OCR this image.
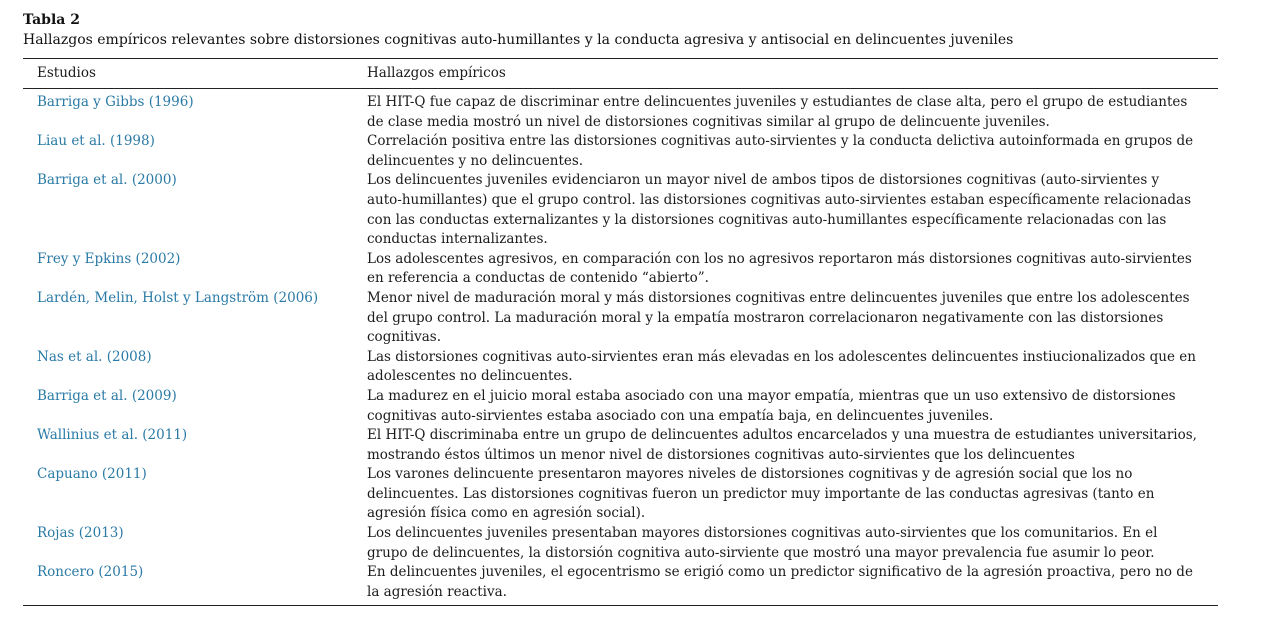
Tabla 2

Hallazgos empíricos relevantes sobre distorsiones cognitivas auto-humillantes y la conducta agresiva y antisocial en delincuentes juveniles

Estudios	Hallazgos empíricos
Barriga y Gibbs (1996)	El HIT-Q fue capaz de discriminar entre delincuentes juveniles y estudiantes de clase alta, pero el grupo de estudiantes de clase media mostró un nivel de distorsiones cognitivas similar al grupo de delincuente juveniles.
Liau et al. (1998)	Correlación positiva entre las distorsiones cognitivas auto-sirvientes y la conducta delictiva autoinformada en grupos de delincuentes y no delincuentes.
Barriga et al. (2000)	Los delincuentes juveniles evidenciaron un mayor nivel de ambos tipos de distorsiones cognitivas (auto-sirvientes y auto-humillantes) que el grupo control. las distorsiones cognitivas auto-sirvientes estaban específicamente relacionadas con las conductas externalizantes y la distorsiones cognitivas auto-humillantes específicamente relacionadas con las conductas internalizantes.
Frey y Epkins (2002)	Los adolescentes agresivos, en comparación con los no agresivos reportaron más distorsiones cognitivas auto-sirvientes en referencia a conductas de contenido “abierto”.
Lardén, Melin, Holst y Langström (2006)	Menor nivel de maduración moral y más distorsiones cognitivas entre delincuentes juveniles que entre los adolescentes del grupo control. La maduración moral y la empatía mostraron correlacionaron negativamente con las distorsiones cognitivas.
Nas et al. (2008)	Las distorsiones cognitivas auto-sirvientes eran más elevadas en los adolescentes delincuentes instiucionalizados que en adolescentes no delincuentes.
Barriga et al. (2009)	La madurez en el juicio moral estaba asociado con una mayor empatía, mientras que un uso extensivo de distorsiones cognitivas auto-sirvientes estaba asociado con una empatía baja, en delincuentes juveniles.
Wallinius et al. (2011)	El HIT-Q discriminaba entre un grupo de delincuentes adultos encarcelados y una muestra de estudiantes universitarios, mostrando éstos últimos un menor nivel de distorsiones cognitivas auto-sirvientes que los delincuentes
Capuano (2011)	Los varones delincuente presentaron mayores niveles de distorsiones cognitivas y de agresión social que los no delincuentes. Las distorsiones cognitivas fueron un predictor muy importante de las conductas agresivas (tanto en agresión física como en agresión social).
Rojas (2013)	Los delincuentes juveniles presentaban mayores distorsiones cognitivas auto-sirvientes que los comunitarios. En el grupo de delincuentes, la distorsión cognitiva auto-sirviente que mostró una mayor prevalencia fue asumir lo peor.
Roncero (2015)	En delincuentes juveniles, el egocentrismo se erigió como un predictor significativo de la agresión proactiva, pero no de la agresión reactiva.
